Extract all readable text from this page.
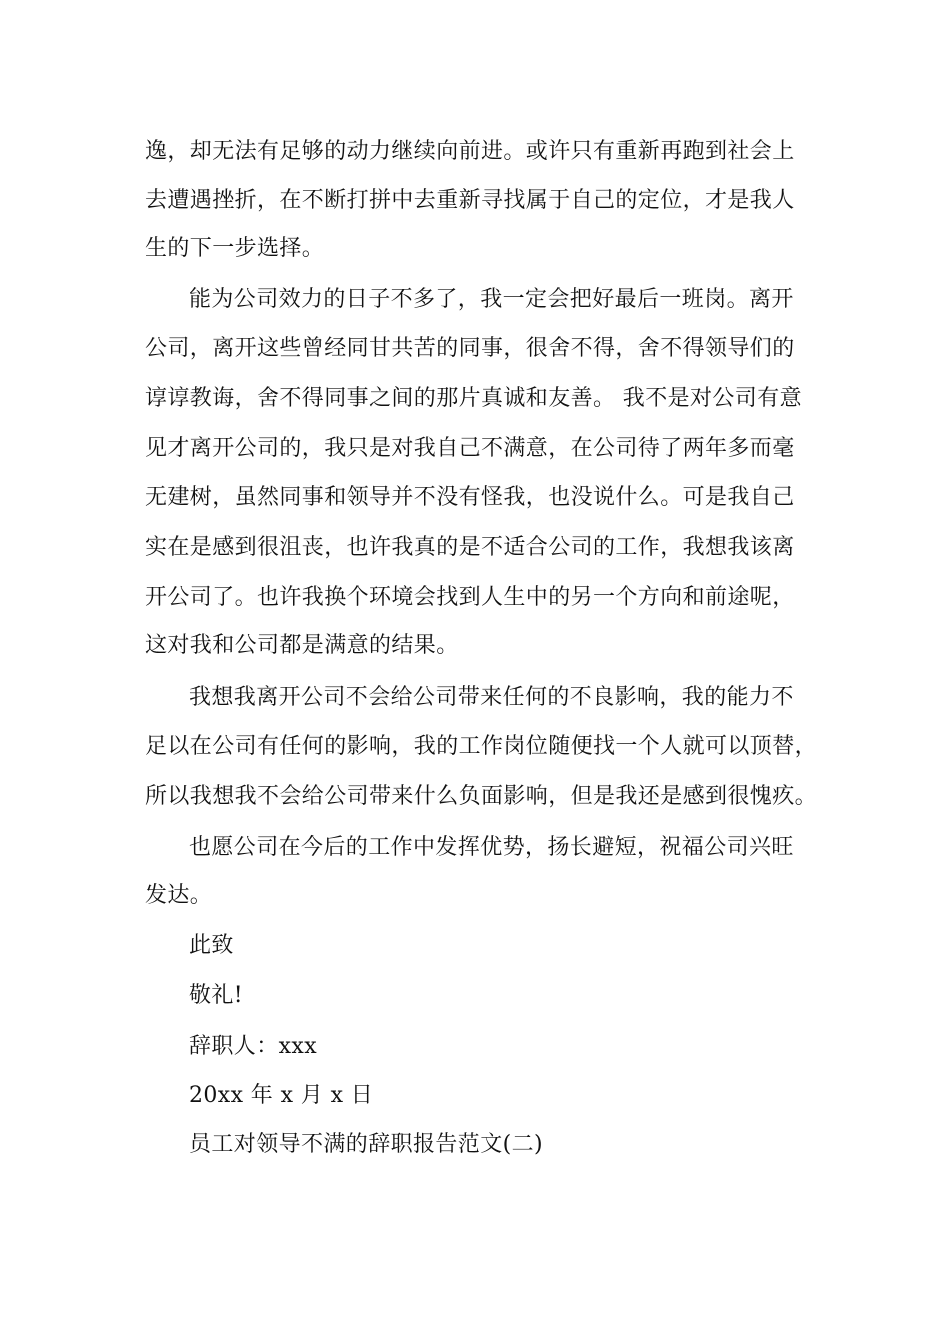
逸，却无法有足够的动力继续向前进。或许只有重新再跑到社会上
去遭遇挫折，在不断打拼中去重新寻找属于自己的定位，才是我人
生的下一步选择。
能为公司效力的日子不多了，我一定会把好最后一班岗。离开
公司，离开这些曾经同甘共苦的同事，很舍不得，舍不得领导们的
谆谆教诲，舍不得同事之间的那片真诚和友善。 我不是对公司有意
见才离开公司的，我只是对我自己不满意，在公司待了两年多而毫
无建树，虽然同事和领导并不没有怪我，也没说什么。可是我自己
实在是感到很沮丧，也许我真的是不适合公司的工作，我想我该离
开公司了。也许我换个环境会找到人生中的另一个方向和前途呢，
这对我和公司都是满意的结果。
我想我离开公司不会给公司带来任何的不良影响，我的能力不
足以在公司有任何的影响，我的工作岗位随便找一个人就可以顶替，
所以我想我不会给公司带来什么负面影响，但是我还是感到很愧疚。
也愿公司在今后的工作中发挥优势，扬长避短，祝福公司兴旺
发达。
此致
敬礼!
辞职人：xxx
20xx 年 x 月 x 日
员工对领导不满的辞职报告范文(二)
